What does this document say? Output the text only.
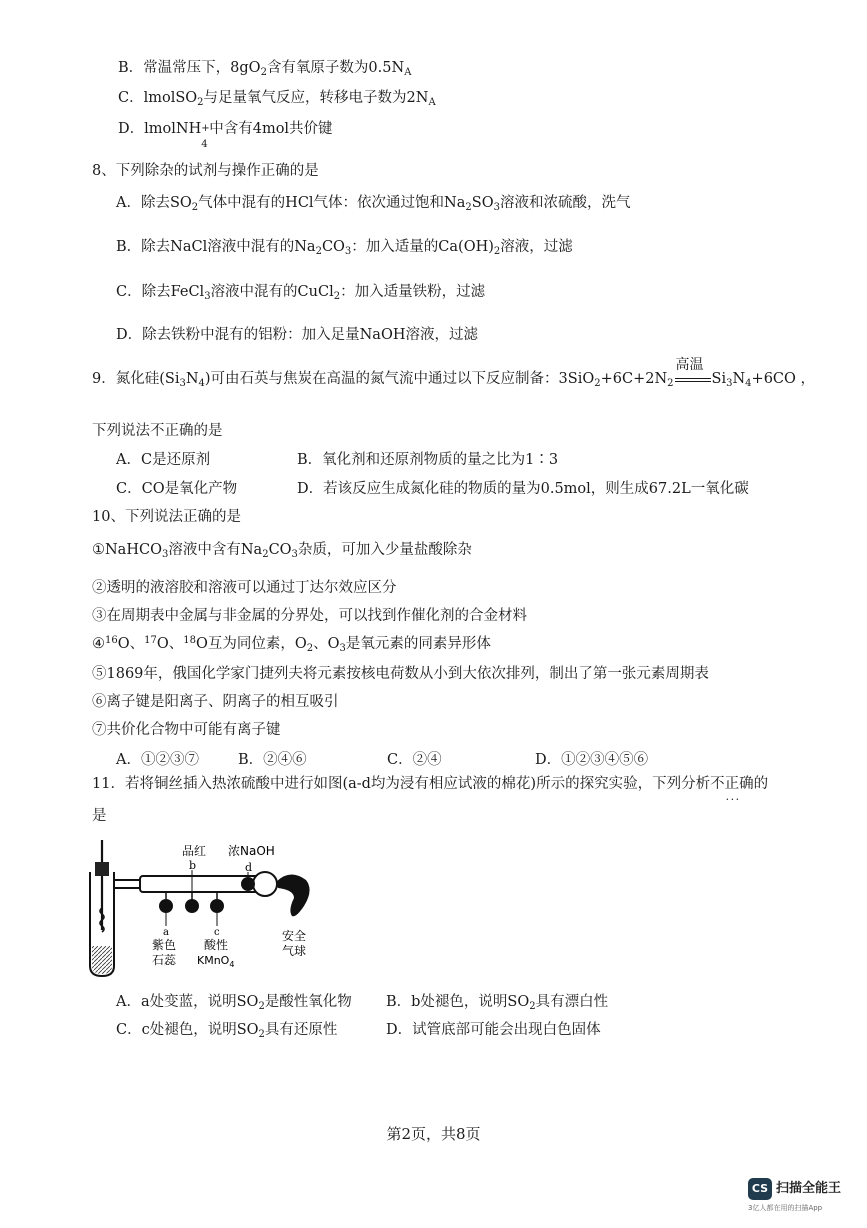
B．常温常压下，$8gO_2$含有氧原子数为$0.5N_A$
C．lmolSO$_2$与足量氧气反应，转移电子数为$2N_A$
D．lmolNH +
4
中含有4mol共价键
8、下列除杂的试剂与操作正确的是
A．除去$SO_2$气体中混有的HCl气体：依次通过饱和$Na_2SO_3$溶液和浓硫酸，洗气
B．除去NaCl溶液中混有的$Na_2CO_3$：加入适量的$Ca(OH)_2$溶液，过滤
C．除去FeCl$_3$溶液中混有的CuCl$_2$：加入适量铁粉，过滤
D．除去铁粉中混有的铝粉：加入足量NaOH溶液，过滤
9．氮化硅$(Si_3N_4)$可由石英与焦炭在高温的氮气流中通过以下反应制备：$3SiO_2+6C+2N_2$
高温
$Si_3N_4+6CO$ ，
下列说法不正确的是
A．C是还原剂	B．氧化剂和还原剂物质的量之比为1∶3
C．CO是氧化产物	D．若该反应生成氮化硅的物质的量为0.5mol，则生成67.2L一氧化碳
10、下列说法正确的是
①NaHCO$_3$溶液中含有$Na_2CO_3$杂质，可加入少量盐酸除杂
②透明的液溶胶和溶液可以通过丁达尔效应区分
③在周期表中金属与非金属的分界处，可以找到作催化剂的合金材料
④$^{16}$O、$^{17}$O、$^{18}$O互为同位素，$O_2$、$O_3$是氧元素的同素异形体
⑤1869年，俄国化学家门捷列夫将元素按核电荷数从小到大依次排列，制出了第一张元素周期表
⑥离子键是阳离子、阴离子的相互吸引
⑦共价化合物中可能有离子键
A．①②③⑦	B．②④⑥	C．②④	D．①②③④⑤⑥
11．若将铜丝插入热浓硫酸中进行如图(a-d均为浸有相应试液的棉花)所示的探究实验，下列分析不正确 · · ·的
是
品红
b
浓NaOH
d
a	c
紫色
石蕊
酸性
KMnO$_4$
安全
气球
A．a处变蓝，说明$SO_2$是酸性氧化物 B．b处褪色，说明$SO_2$具有漂白性
C．c处褪色，说明$SO_2$具有还原性	D．试管底部可能会出现白色固体
第2页，共8页
CS 扫描全能王
3亿人都在用的扫描App
